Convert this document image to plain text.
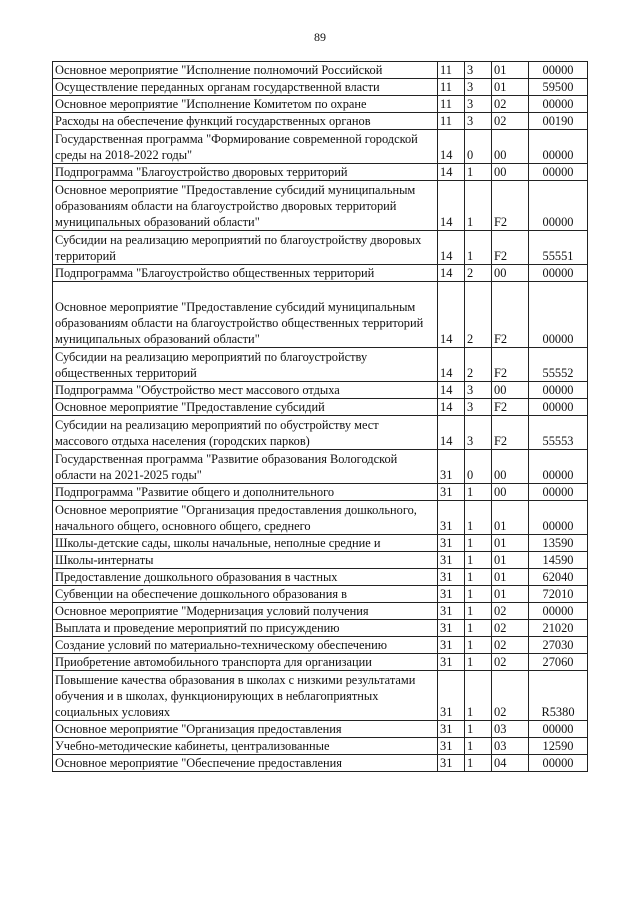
89
Основное мероприятие "Исполнение полномочий Российской	11	3	01	00000
Осуществление переданных органам государственной власти	11	3	01	59500
Основное мероприятие "Исполнение Комитетом по охране	11	3	02	00000
Расходы на обеспечение функций государственных органов	11	3	02	00190
Государственная программа "Формирование современной городской среды на 2018-2022 годы"	14	0	00	00000
Подпрограмма "Благоустройство дворовых территорий	14	1	00	00000
Основное мероприятие "Предоставление субсидий муниципальным образованиям области на благоустройство дворовых территорий муниципальных образований области"	14	1	F2	00000
Субсидии на реализацию мероприятий по благоустройству дворовых территорий	14	1	F2	55551
Подпрограмма "Благоустройство общественных территорий	14	2	00	00000
Основное мероприятие "Предоставление субсидий муниципальным образованиям области на благоустройство общественных территорий муниципальных образований области"	14	2	F2	00000
Субсидии на реализацию мероприятий по благоустройству общественных территорий	14	2	F2	55552
Подпрограмма "Обустройство мест массового отдыха	14	3	00	00000
Основное мероприятие "Предоставление субсидий	14	3	F2	00000
Субсидии на реализацию мероприятий по обустройству мест массового отдыха населения (городских парков)	14	3	F2	55553
Государственная программа "Развитие образования Вологодской области на 2021-2025 годы"	31	0	00	00000
Подпрограмма "Развитие общего и дополнительного	31	1	00	00000
Основное мероприятие "Организация предоставления дошкольного, начального общего, основного общего, среднего	31	1	01	00000
Школы-детские сады, школы начальные, неполные средние и	31	1	01	13590
Школы-интернаты	31	1	01	14590
Предоставление дошкольного образования в частных	31	1	01	62040
Субвенции на обеспечение дошкольного образования в	31	1	01	72010
Основное мероприятие "Модернизация условий получения	31	1	02	00000
Выплата и проведение мероприятий по присуждению	31	1	02	21020
Создание условий по материально-техническому обеспечению	31	1	02	27030
Приобретение автомобильного транспорта для организации	31	1	02	27060
Повышение качества образования в школах с низкими результатами обучения и в школах, функционирующих в неблагоприятных социальных условиях	31	1	02	R5380
Основное мероприятие "Организация предоставления	31	1	03	00000
Учебно-методические кабинеты, централизованные	31	1	03	12590
Основное мероприятие "Обеспечение предоставления	31	1	04	00000
